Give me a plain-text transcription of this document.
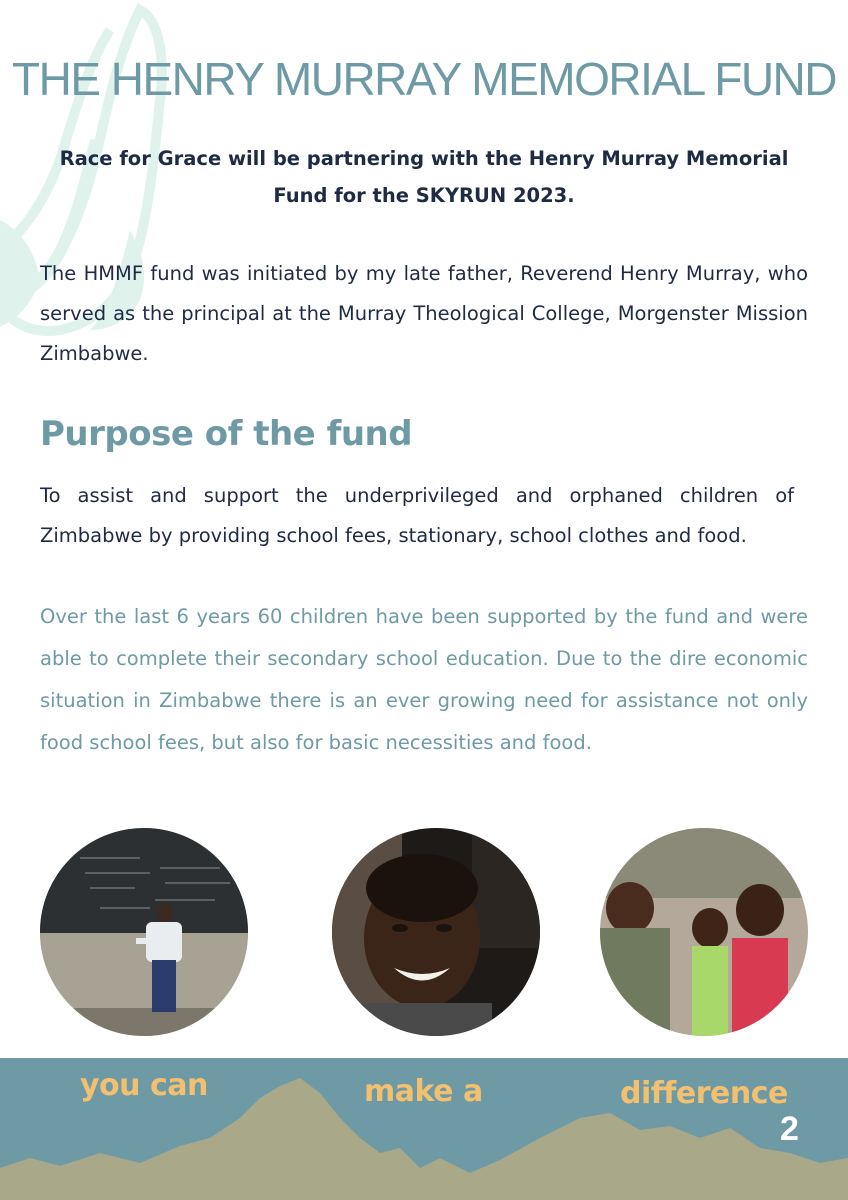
THE HENRY MURRAY MEMORIAL FUND

Race for Grace will be partnering with the Henry Murray Memorial
Fund for the SKYRUN 2023.

The HMMF fund was initiated by my late father, Reverend Henry Murray, who served as the principal at the Murray Theological College, Morgenster Mission Zimbabwe.

Purpose of the fund

To assist and support the underprivileged and orphaned children of Zimbabwe by providing school fees, stationary, school clothes and food.

Over the last 6 years 60 children have been supported by the fund and were able to complete their secondary school education. Due to the dire economic situation in Zimbabwe there is an ever growing need for assistance not only food school fees, but also for basic necessities and food.

you can	make a	difference
2
